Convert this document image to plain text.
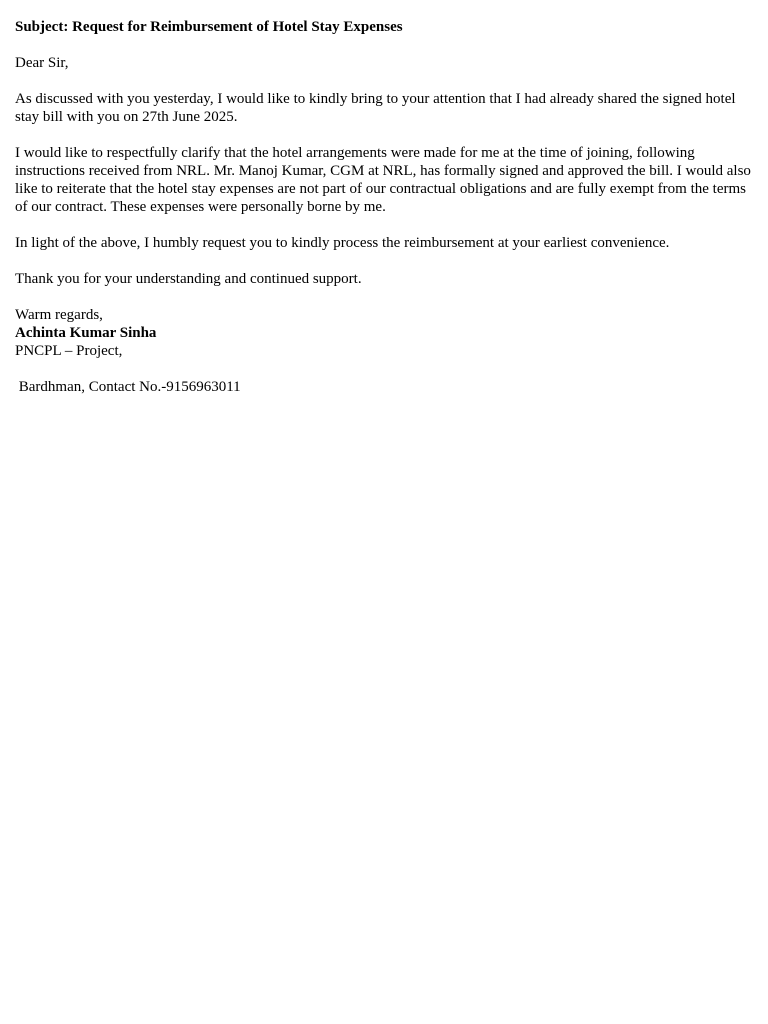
Subject: Request for Reimbursement of Hotel Stay Expenses

Dear Sir,

As discussed with you yesterday, I would like to kindly bring to your attention that I had already shared the signed hotel stay bill with you on 27th June 2025.

I would like to respectfully clarify that the hotel arrangements were made for me at the time of joining, following instructions received from NRL. Mr. Manoj Kumar, CGM at NRL, has formally signed and approved the bill. I would also like to reiterate that the hotel stay expenses are not part of our contractual obligations and are fully exempt from the terms of our contract. These expenses were personally borne by me.

In light of the above, I humbly request you to kindly process the reimbursement at your earliest convenience.

Thank you for your understanding and continued support.

Warm regards,

Achinta Kumar Sinha

PNCPL – Project,

Bardhman, Contact No.-9156963011
